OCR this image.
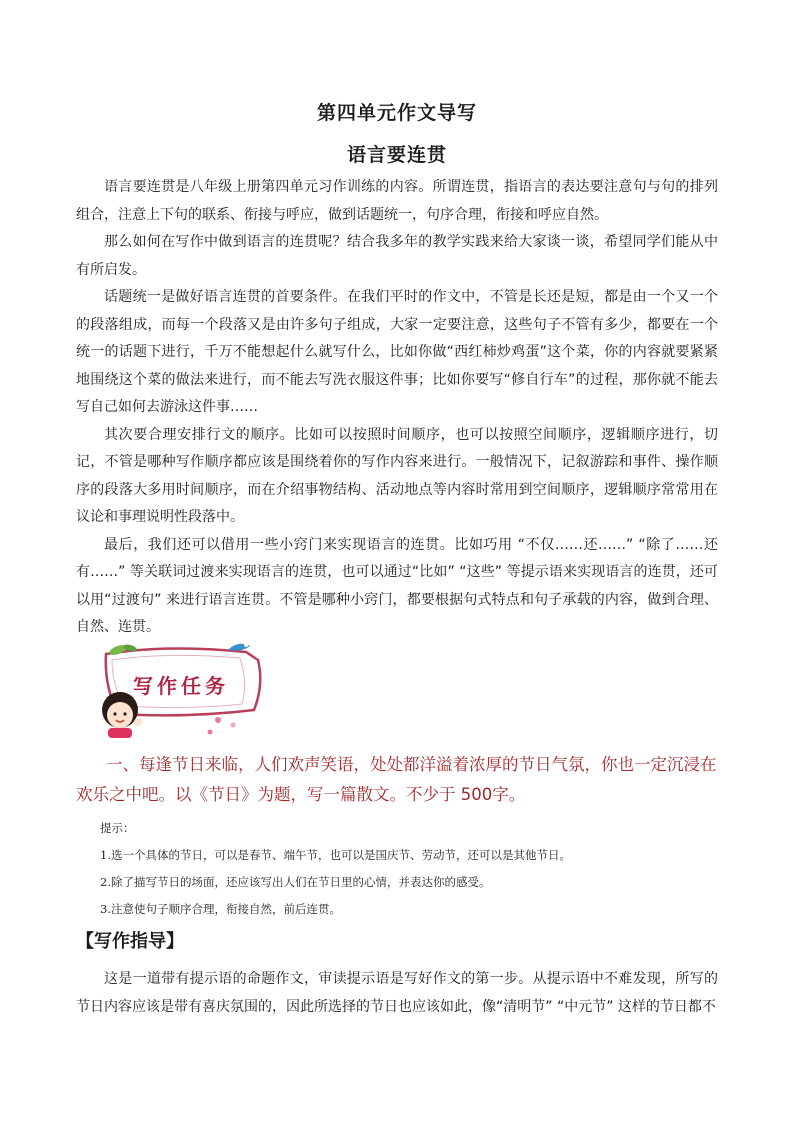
第四单元作文导写
语言要连贯

语言要连贯是八年级上册第四单元习作训练的内容。所谓连贯，指语言的表达要注意句与句的排列组合，注意上下句的联系、衔接与呼应，做到话题统一，句序合理，衔接和呼应自然。

那么如何在写作中做到语言的连贯呢？结合我多年的教学实践来给大家谈一谈，希望同学们能从中有所启发。

话题统一是做好语言连贯的首要条件。在我们平时的作文中，不管是长还是短，都是由一个又一个的段落组成，而每一个段落又是由许多句子组成，大家一定要注意，这些句子不管有多少，都要在一个统一的话题下进行，千万不能想起什么就写什么，比如你做“西红柿炒鸡蛋”这个菜，你的内容就要紧紧地围绕这个菜的做法来进行，而不能去写洗衣服这件事；比如你要写“修自行车”的过程，那你就不能去写自己如何去游泳这件事……

其次要合理安排行文的顺序。比如可以按照时间顺序，也可以按照空间顺序，逻辑顺序进行，切记，不管是哪种写作顺序都应该是围绕着你的写作内容来进行。一般情况下，记叙游踪和事件、操作顺序的段落大多用时间顺序，而在介绍事物结构、活动地点等内容时常用到空间顺序，逻辑顺序常常用在议论和事理说明性段落中。

最后，我们还可以借用一些小窍门来实现语言的连贯。比如巧用 “不仅……还……” “除了……还有……” 等关联词过渡来实现语言的连贯，也可以通过“比如” “这些” 等提示语来实现语言的连贯，还可以用“过渡句” 来进行语言连贯。不管是哪种小窍门，都要根据句式特点和句子承载的内容，做到合理、自然、连贯。

写作任务

一、每逢节日来临，人们欢声笑语，处处都洋溢着浓厚的节日气氛，你也一定沉浸在欢乐之中吧。以《节日》为题，写一篇散文。不少于 500字。

提示：
1.选一个具体的节日，可以是春节、端午节，也可以是国庆节、劳动节，还可以是其他节日。
2.除了描写节日的场面，还应该写出人们在节日里的心情，并表达你的感受。
3.注意使句子顺序合理，衔接自然，前后连贯。
【写作指导】

这是一道带有提示语的命题作文，审读提示语是写好作文的第一步。从提示语中不难发现，所写的节日内容应该是带有喜庆氛围的，因此所选择的节日也应该如此，像“清明节” “中元节” 这样的节日都不
